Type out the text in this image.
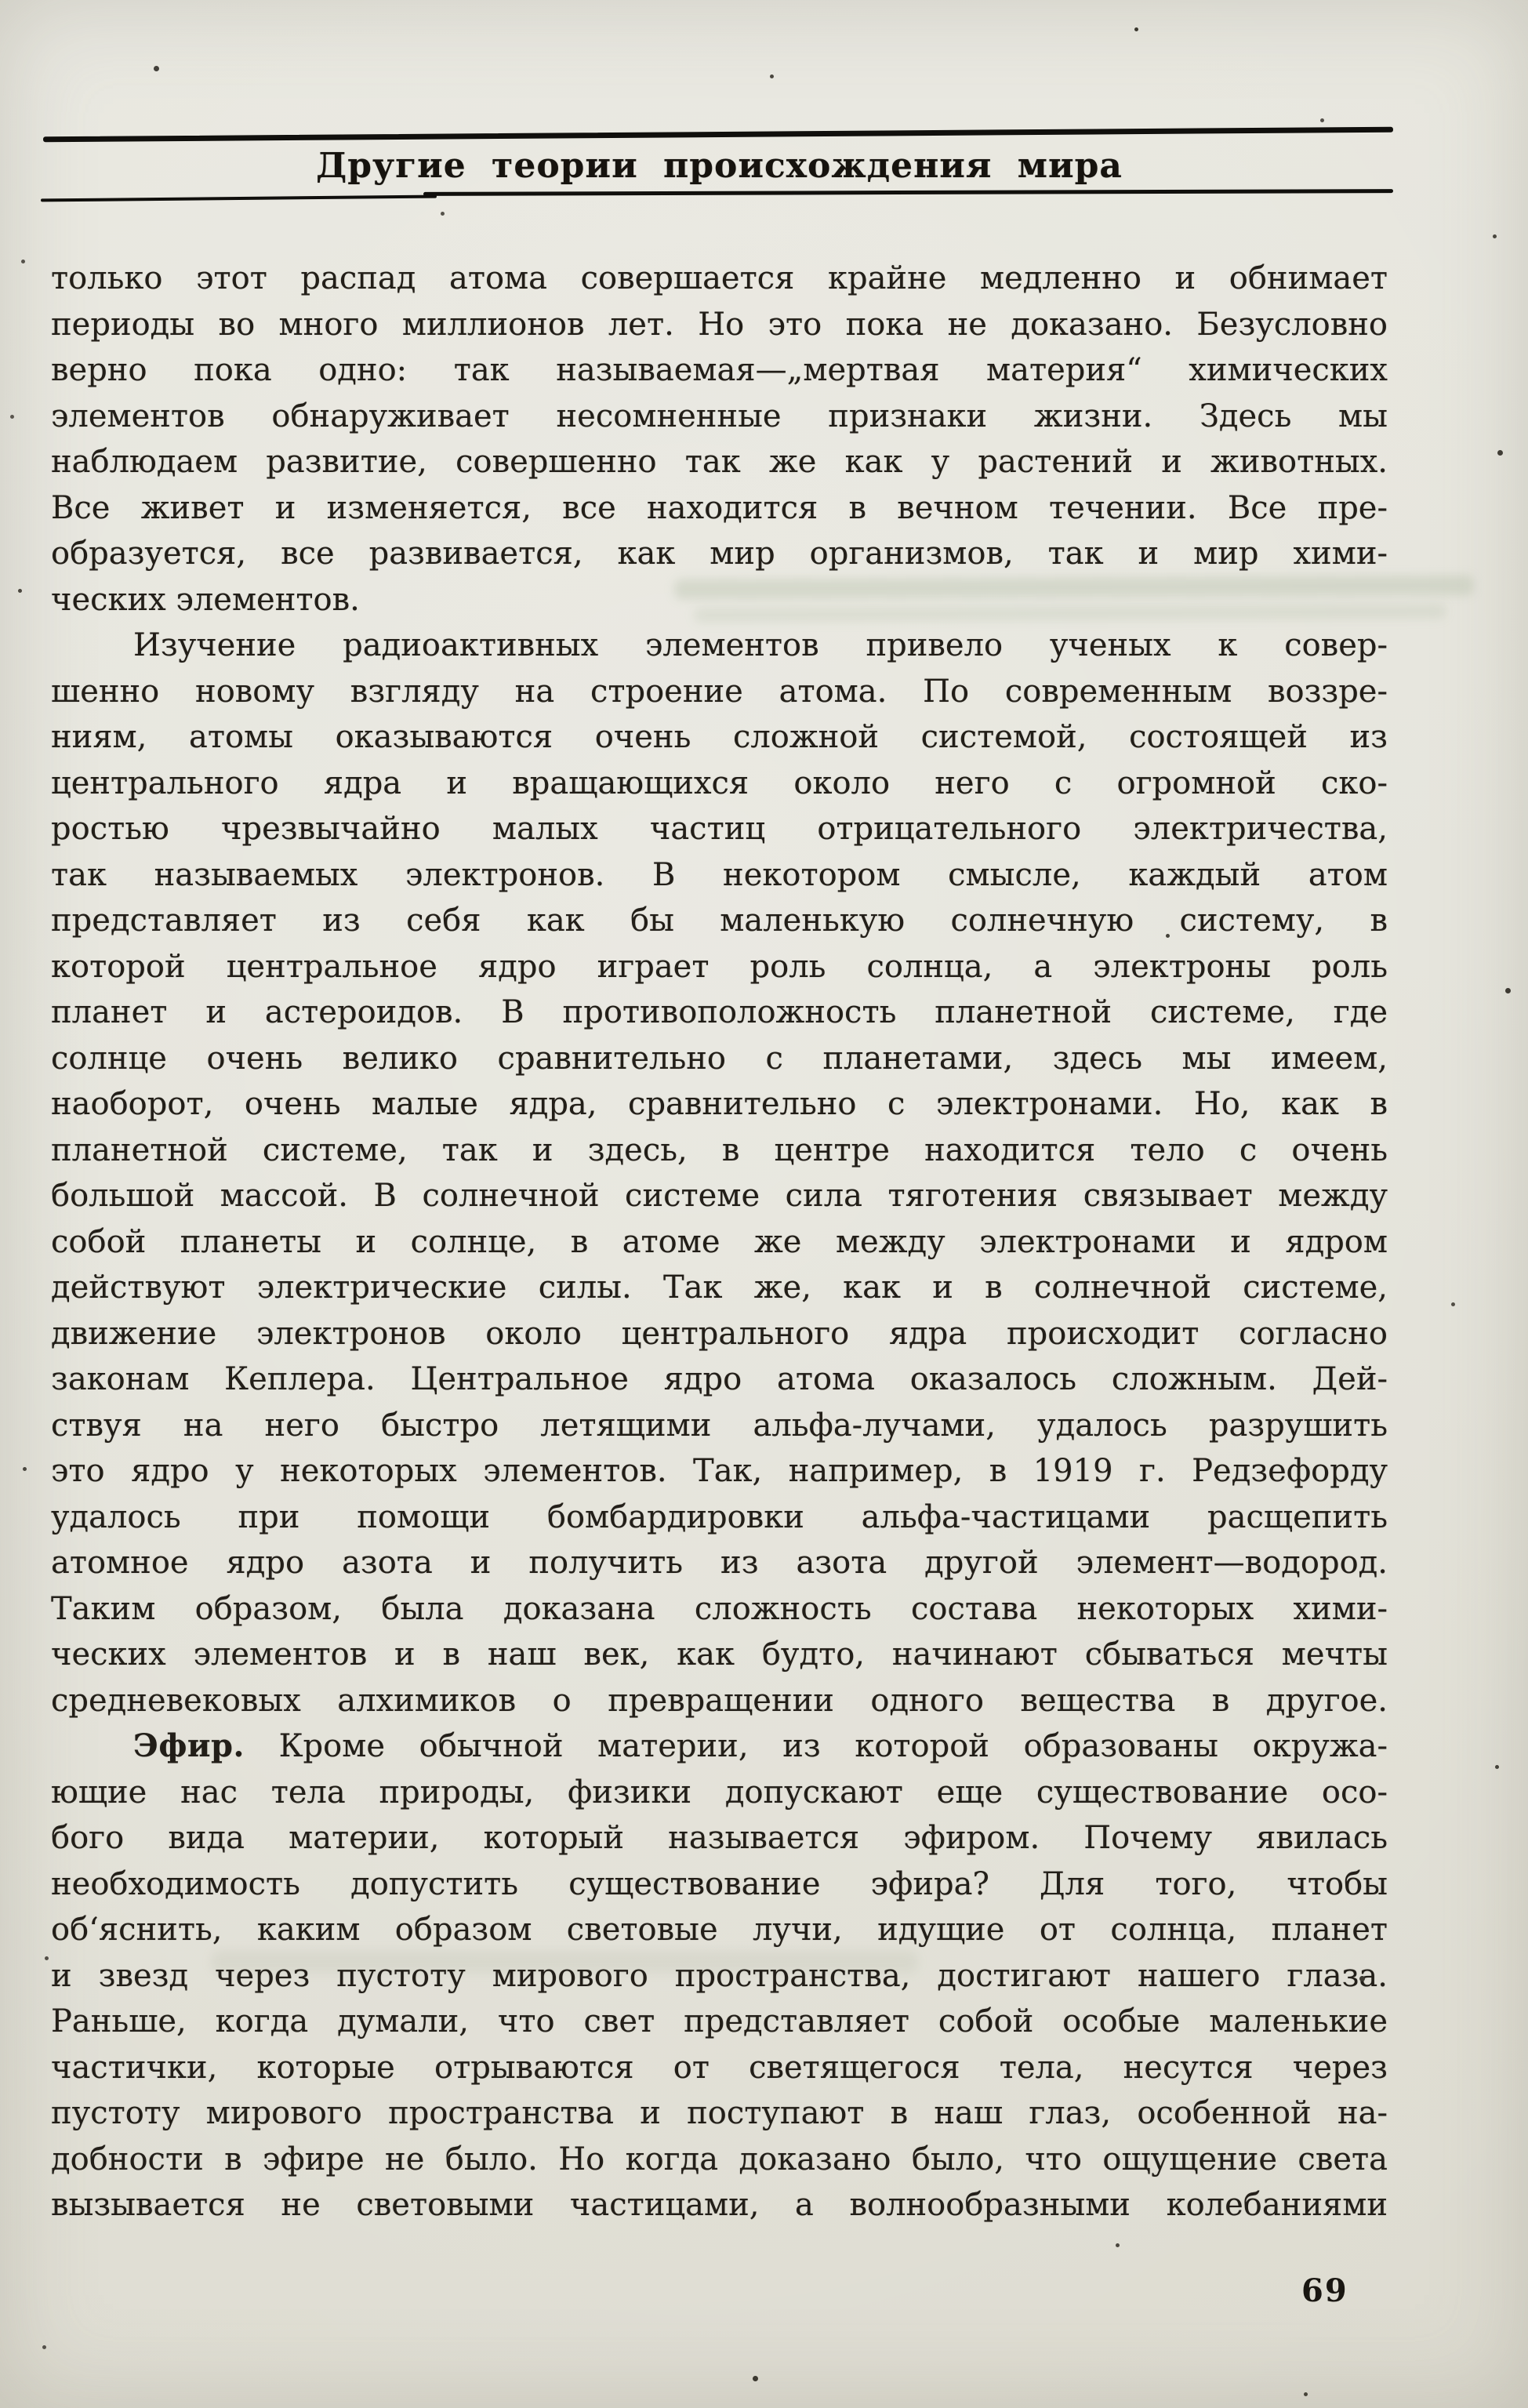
Другие теории происхождения мира
только этот распад атома совершается крайне медленно и обнимает
периоды во много миллионов лет. Но это пока не доказано. Безусловно
верно пока одно: так называемая—„мертвая материя“ химических
элементов обнаруживает несомненные признаки жизни. Здесь мы
наблюдаем развитие, совершенно так же как у растений и животных.
Все живет и изменяется, все находится в вечном течении. Все пре-
образуется, все развивается, как мир организмов, так и мир хими-
ческих элементов.
Изучение радиоактивных элементов привело ученых к совер-
шенно новому взгляду на строение атома. По современным воззре-
ниям, атомы оказываются очень сложной системой, состоящей из
центрального ядра и вращающихся около него с огромной ско-
ростью чрезвычайно малых частиц отрицательного электричества,
так называемых электронов. В некотором смысле, каждый атом
представляет из себя как бы маленькую солнечную систему, в
которой центральное ядро играет роль солнца, а электроны роль
планет и астероидов. В противоположность планетной системе, где
солнце очень велико сравнительно с планетами, здесь мы имеем,
наоборот, очень малые ядра, сравнительно с электронами. Но, как в
планетной системе, так и здесь, в центре находится тело с очень
большой массой. В солнечной системе сила тяготения связывает между
собой планеты и солнце, в атоме же между электронами и ядром
действуют электрические силы. Так же, как и в солнечной системе,
движение электронов около центрального ядра происходит согласно
законам Кеплера. Центральное ядро атома оказалось сложным. Дей-
ствуя на него быстро летящими альфа-лучами, удалось разрушить
это ядро у некоторых элементов. Так, например, в 1919 г. Редзефорду
удалось при помощи бомбардировки альфа-частицами расщепить
атомное ядро азота и получить из азота другой элемент—водород.
Таким образом, была доказана сложность состава некоторых хими-
ческих элементов и в наш век, как будто, начинают сбываться мечты
средневековых алхимиков о превращении одного вещества в другое.
Эфир. Кроме обычной материи, из которой образованы окружа-
ющие нас тела природы, физики допускают еще существование осо-
бого вида материи, который называется эфиром. Почему явилась
необходимость допустить существование эфира? Для того, чтобы
об‘яснить, каким образом световые лучи, идущие от солнца, планет
и звезд через пустоту мирового пространства, достигают нашего глаза.
Раньше, когда думали, что свет представляет собой особые маленькие
частички, которые отрываются от светящегося тела, несутся через
пустоту мирового пространства и поступают в наш глаз, особенной на-
добности в эфире не было. Но когда доказано было, что ощущение света
вызывается не световыми частицами, а волнообразными колебаниями
69
